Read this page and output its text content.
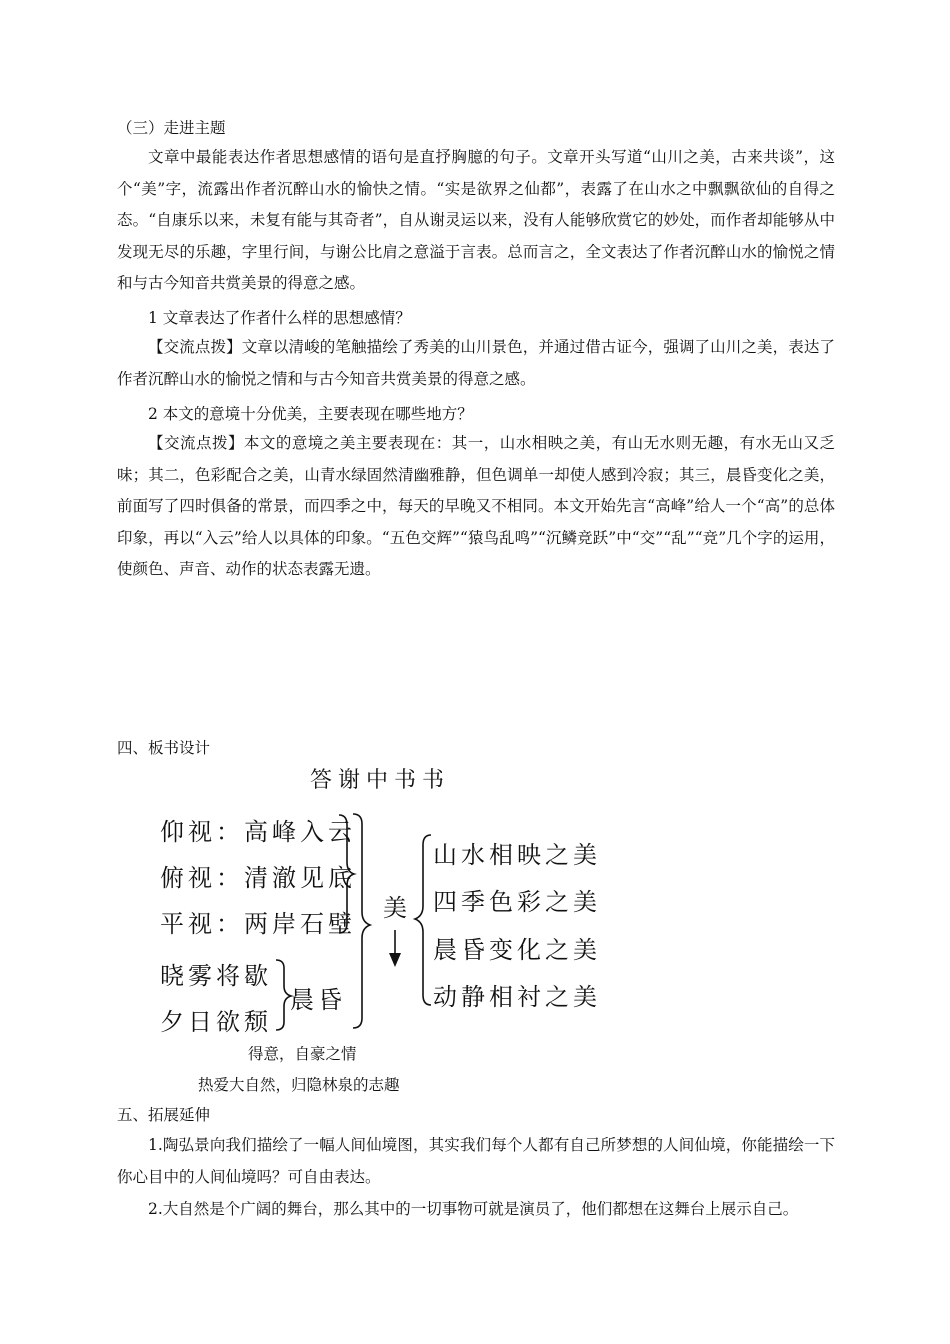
（三）走进主题

文章中最能表达作者思想感情的语句是直抒胸臆的句子。文章开头写道“山川之美，古来共谈”，这个“美”字，流露出作者沉醉山水的愉快之情。“实是欲界之仙都”，表露了在山水之中飘飘欲仙的自得之态。“自康乐以来，未复有能与其奇者”，自从谢灵运以来，没有人能够欣赏它的妙处，而作者却能够从中发现无尽的乐趣，字里行间，与谢公比肩之意溢于言表。总而言之，全文表达了作者沉醉山水的愉悦之情和与古今知音共赏美景的得意之感。

1 文章表达了作者什么样的思想感情？

【交流点拨】文章以清峻的笔触描绘了秀美的山川景色，并通过借古证今，强调了山川之美，表达了作者沉醉山水的愉悦之情和与古今知音共赏美景的得意之感。

2 本文的意境十分优美，主要表现在哪些地方？

【交流点拨】本文的意境之美主要表现在：其一，山水相映之美，有山无水则无趣，有水无山又乏味；其二，色彩配合之美，山青水绿固然清幽雅静，但色调单一却使人感到冷寂；其三，晨昏变化之美，前面写了四时俱备的常景，而四季之中，每天的早晚又不相同。本文开始先言“高峰”给人一个“高”的总体印象，再以“入云”给人以具体的印象。“五色交辉”“猿鸟乱鸣”“沉鳞竞跃”中“交”“乱”“竞”几个字的运用，使颜色、声音、动作的状态表露无遗。

四、板书设计
答谢中书书
仰视：高峰入云
俯视：清澈见底
平视：两岸石壁
晓雾将歇
夕日欲颓
晨昏
美
山水相映之美
四季色彩之美
晨昏变化之美
动静相衬之美
得意，自豪之情
热爱大自然，归隐林泉的志趣
五、拓展延伸

1.陶弘景向我们描绘了一幅人间仙境图，其实我们每个人都有自己所梦想的人间仙境，你能描绘一下你心目中的人间仙境吗？可自由表达。

2.大自然是个广阔的舞台，那么其中的一切事物可就是演员了，他们都想在这舞台上展示自己。
